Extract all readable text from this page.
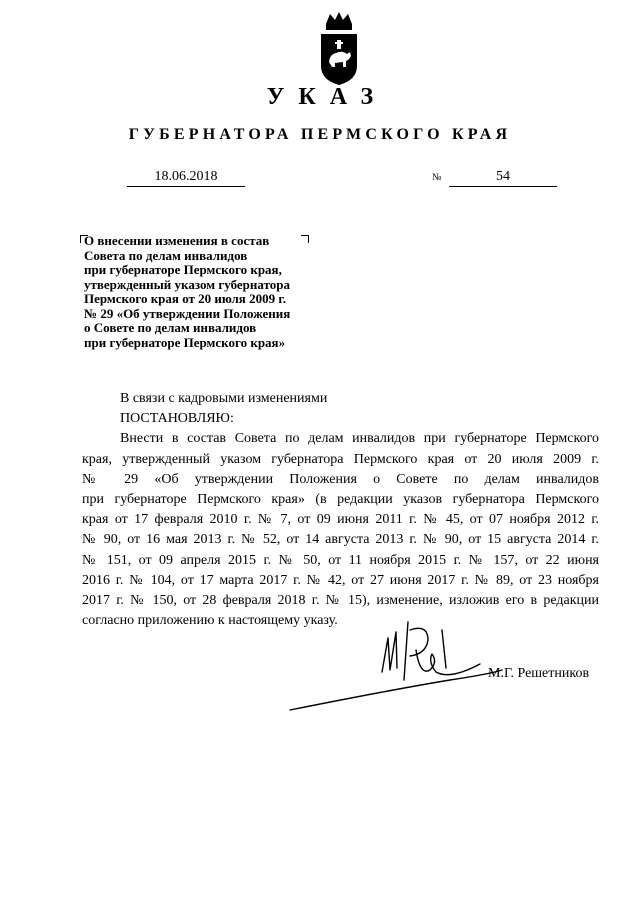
УКАЗ
ГУБЕРНАТОРА ПЕРМСКОГО КРАЯ
18.06.2018	№	54
О внесении изменения в состав
Совета по делам инвалидов
при губернаторе Пермского края,
утвержденный указом губернатора
Пермского края от 20 июля 2009 г.
№ 29 «Об утверждении Положения
о Совете по делам инвалидов
при губернаторе Пермского края»
В связи с кадровыми изменениями
ПОСТАНОВЛЯЮ:
Внести в состав Совета по делам инвалидов при губернаторе Пермского
края, утвержденный указом губернатора Пермского края от 20 июля 2009 г.
№ 29 «Об утверждении Положения о Совете по делам инвалидов
при губернаторе Пермского края» (в редакции указов губернатора Пермского
края от 17 февраля 2010 г. № 7, от 09 июня 2011 г. № 45, от 07 ноября 2012 г.
№ 90, от 16 мая 2013 г. № 52, от 14 августа 2013 г. № 90, от 15 августа 2014 г.
№ 151, от 09 апреля 2015 г. № 50, от 11 ноября 2015 г. № 157, от 22 июня
2016 г. № 104, от 17 марта 2017 г. № 42, от 27 июня 2017 г. № 89, от 23 ноября
2017 г. № 150, от 28 февраля 2018 г. № 15), изменение, изложив его в редакции
согласно приложению к настоящему указу.
М.Г. Решетников
